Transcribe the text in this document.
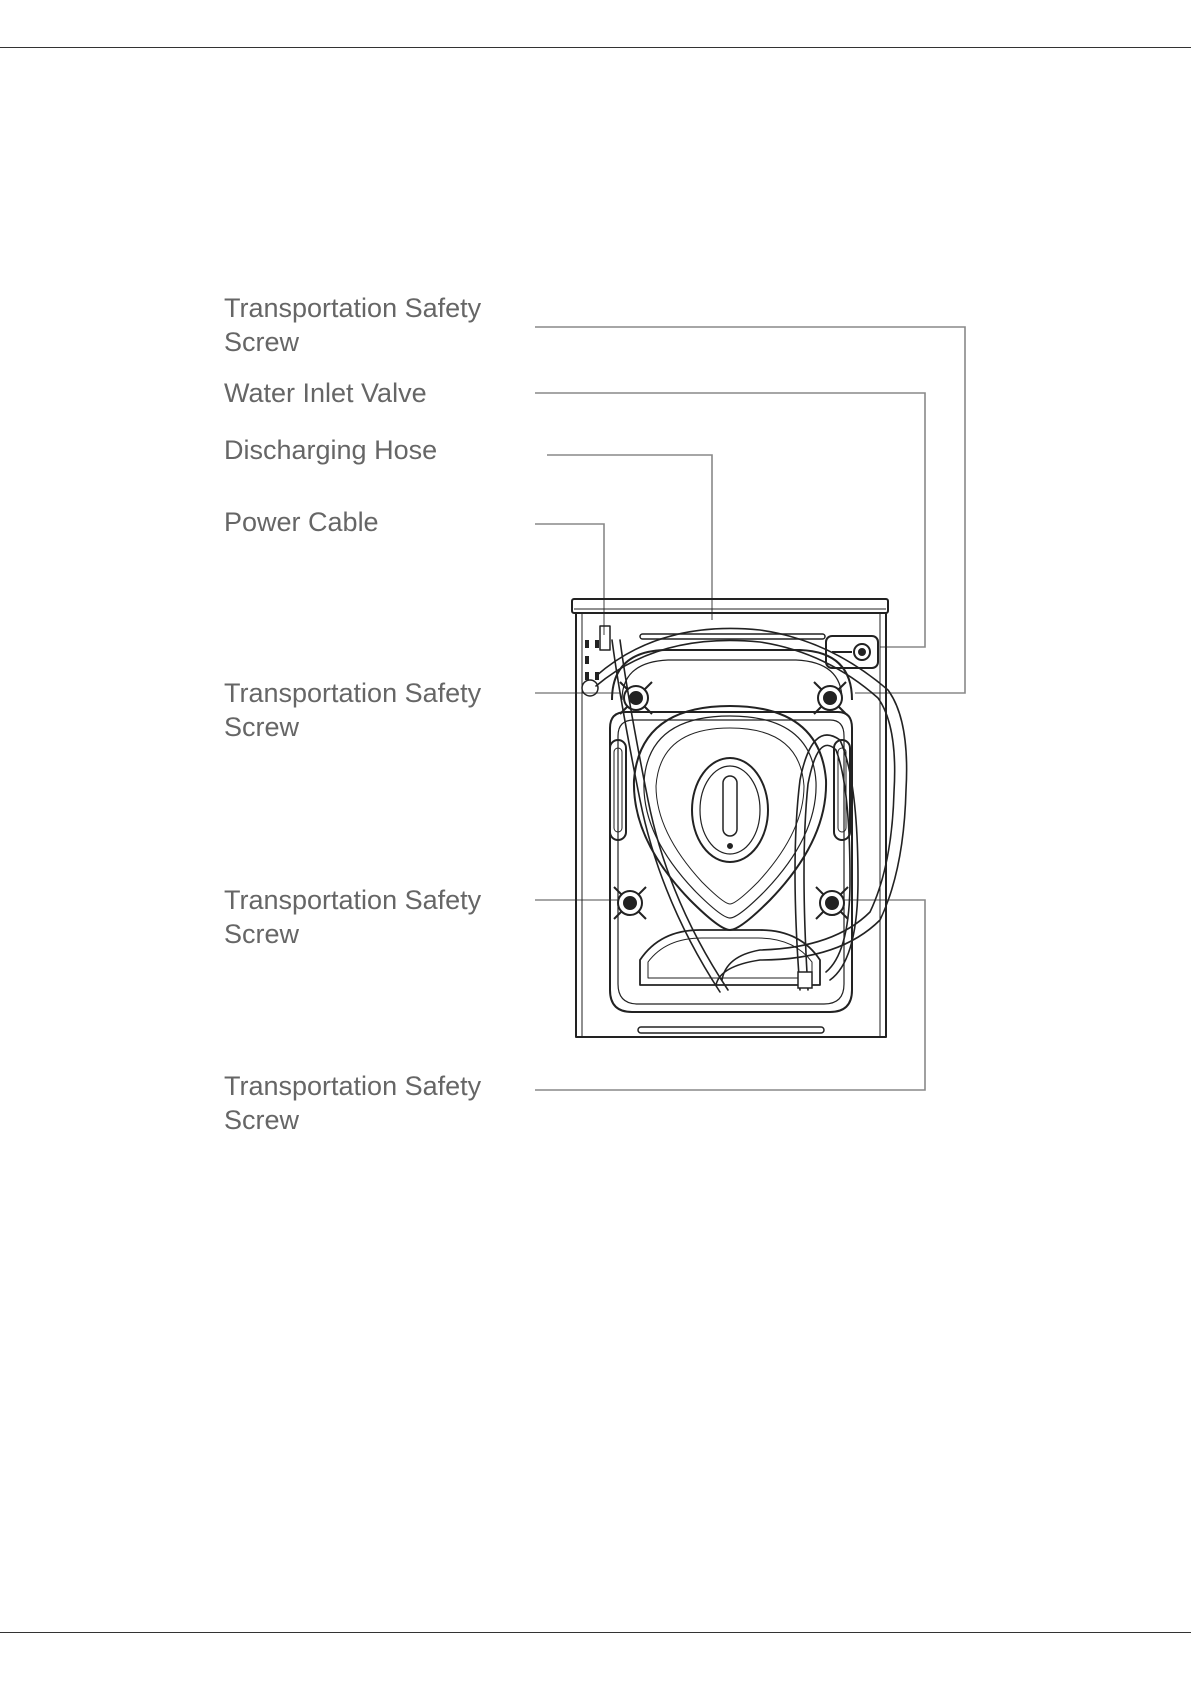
Transportation Safety
Screw
Water Inlet Valve
Discharging Hose
Power Cable
Transportation Safety
Screw
Transportation Safety
Screw
Transportation Safety
Screw
